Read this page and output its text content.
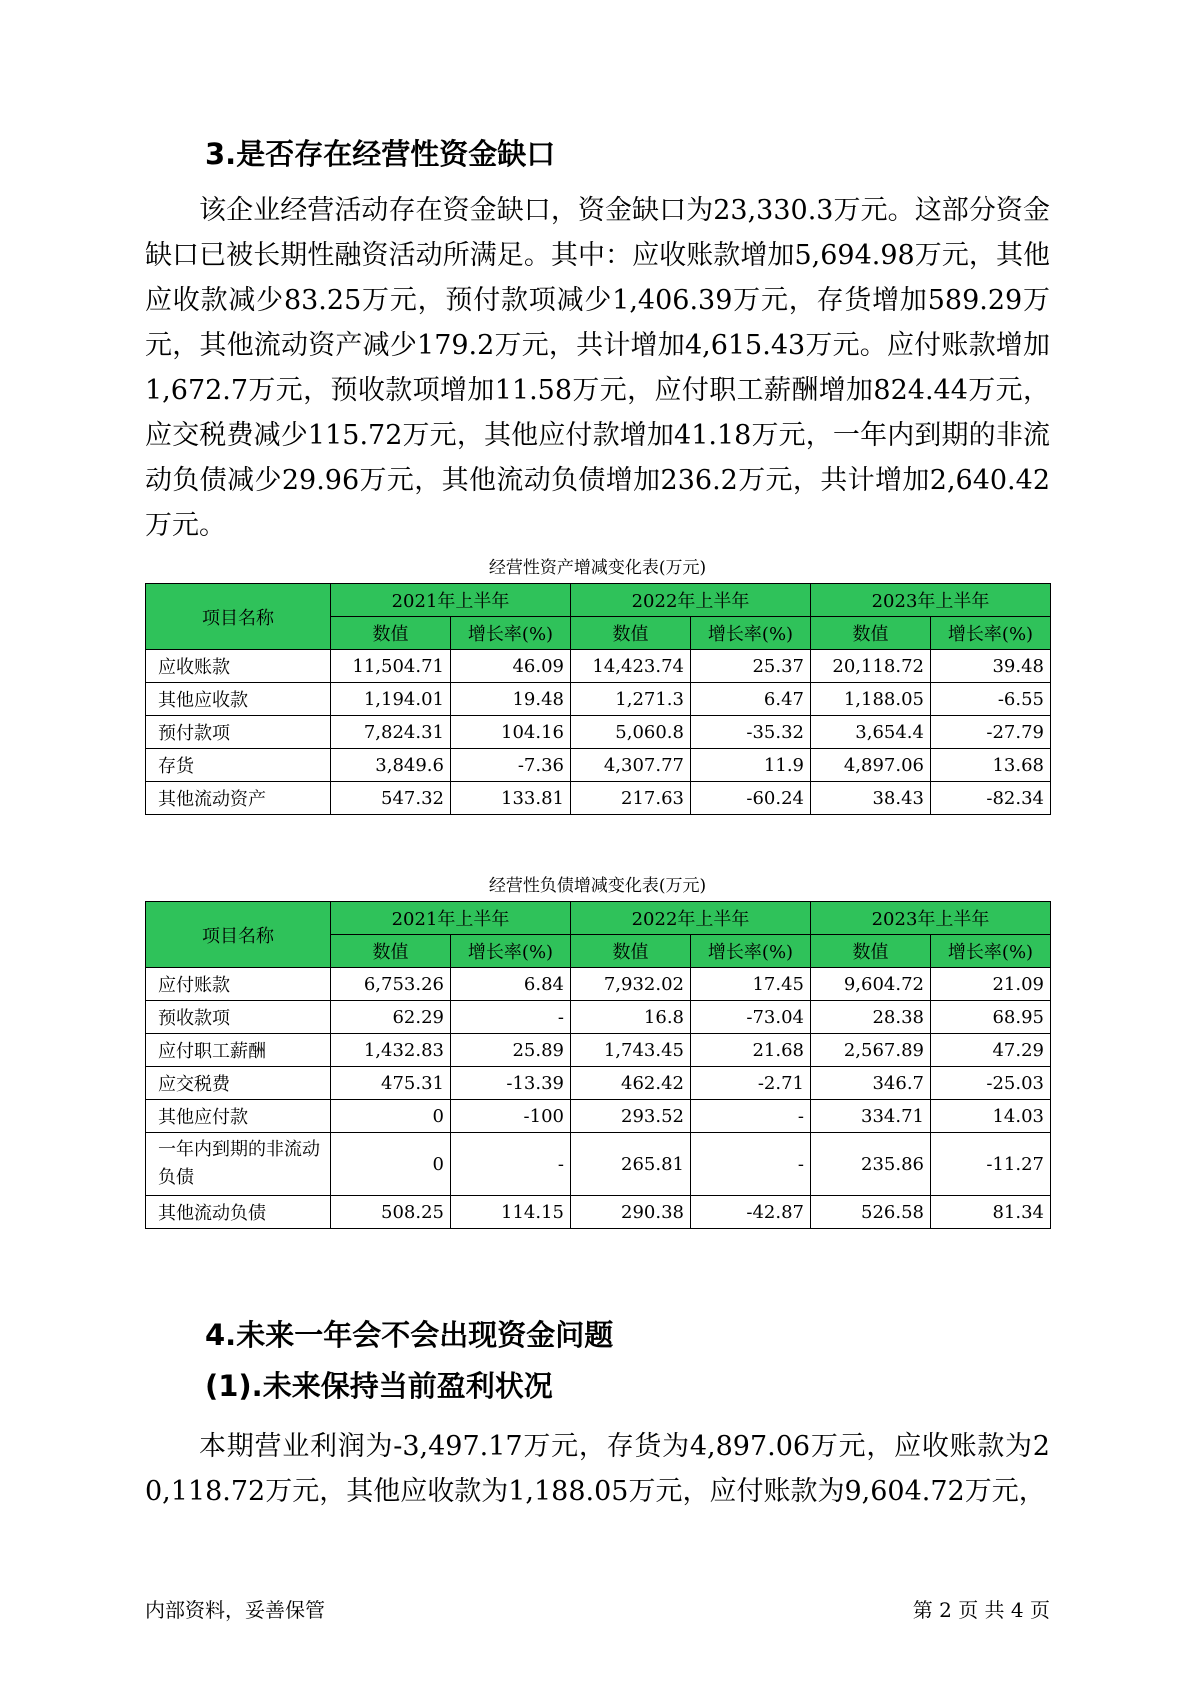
3.是否存在经营性资金缺口

该企业经营活动存在资金缺口，资金缺口为23,330.3万元。这部分资金缺口已被长期性融资活动所满足。其中：应收账款增加5,694.98万元，其他应收款减少83.25万元，预付款项减少1,406.39万元，存货增加589.29万元，其他流动资产减少179.2万元，共计增加4,615.43万元。应付账款增加1,672.7万元，预收款项增加11.58万元，应付职工薪酬增加824.44万元，应交税费减少115.72万元，其他应付款增加41.18万元，一年内到期的非流动负债减少29.96万元，其他流动负债增加236.2万元，共计增加2,640.42万元。

经营性资产增减变化表(万元)
项目名称	2021年上半年		2022年上半年		2023年上半年	
	数值	增长率(%)	数值	增长率(%)	数值	增长率(%)
应收账款	11,504.71	46.09	14,423.74	25.37	20,118.72	39.48
其他应收款	1,194.01	19.48	1,271.3	6.47	1,188.05	-6.55
预付款项	7,824.31	104.16	5,060.8	-35.32	3,654.4	-27.79
存货	3,849.6	-7.36	4,307.77	11.9	4,897.06	13.68
其他流动资产	547.32	133.81	217.63	-60.24	38.43	-82.34
经营性负债增减变化表(万元)
项目名称	2021年上半年		2022年上半年		2023年上半年	
	数值	增长率(%)	数值	增长率(%)	数值	增长率(%)
应付账款	6,753.26	6.84	7,932.02	17.45	9,604.72	21.09
预收款项	62.29	-	16.8	-73.04	28.38	68.95
应付职工薪酬	1,432.83	25.89	1,743.45	21.68	2,567.89	47.29
应交税费	475.31	-13.39	462.42	-2.71	346.7	-25.03
其他应付款	0	-100	293.52	-	334.71	14.03
一年内到期的非流动负债	0	-	265.81	-	235.86	-11.27
其他流动负债	508.25	114.15	290.38	-42.87	526.58	81.34
4.未来一年会不会出现资金问题
(1).未来保持当前盈利状况

本期营业利润为-3,497.17万元，存货为4,897.06万元，应收账款为20,118.72万元，其他应收款为1,188.05万元，应付账款为9,604.72万元，

内部资料，妥善保管	第 2 页 共 4 页
